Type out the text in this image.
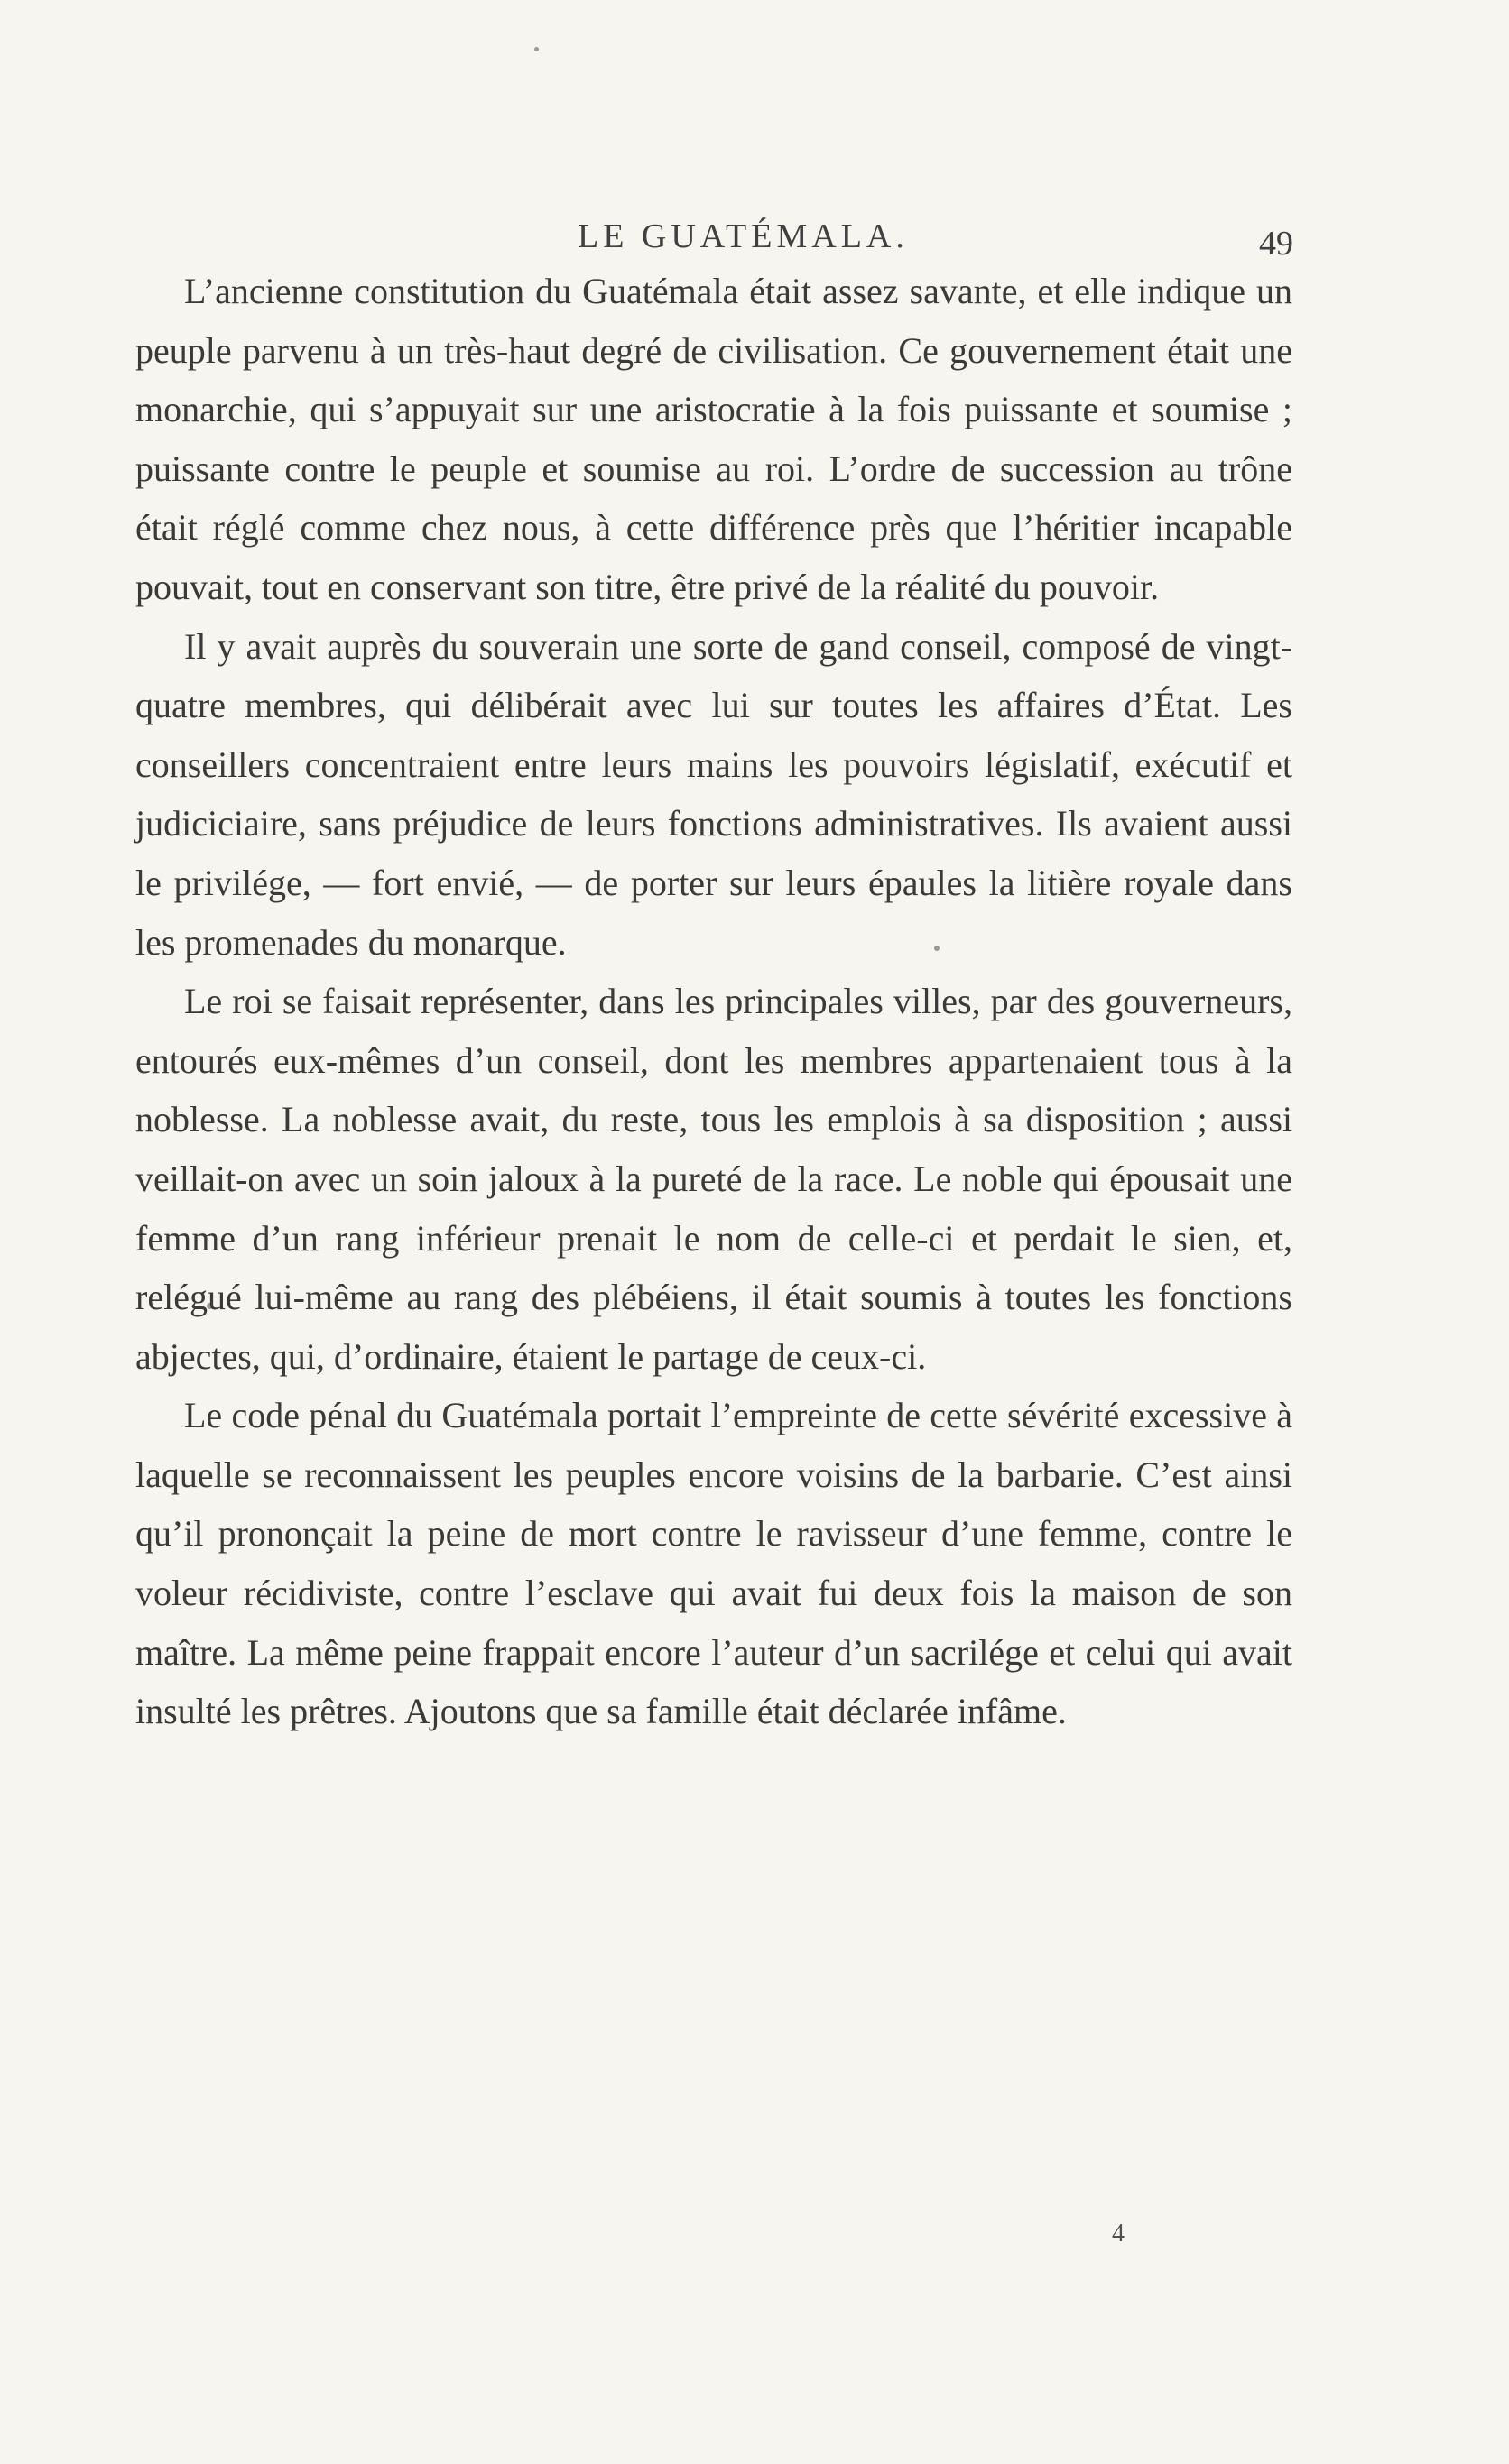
LE GUATÉMALA.	49

L’ancienne constitution du Guatémala était assez savante, et elle indique un peuple parvenu à un très-haut degré de civilisation. Ce gouvernement était une monarchie, qui s’appuyait sur une aristocratie à la fois puissante et soumise ; puissante contre le peuple et soumise au roi. L’ordre de succession au trône était réglé comme chez nous, à cette différence près que l’héritier incapable pouvait, tout en conservant son titre, être privé de la réalité du pouvoir.

Il y avait auprès du souverain une sorte de gand conseil, composé de vingt-quatre membres, qui délibérait avec lui sur toutes les affaires d’État. Les conseillers concentraient entre leurs mains les pouvoirs législatif, exécutif et judiciciaire, sans préjudice de leurs fonctions administratives. Ils avaient aussi le privilége, — fort envié, — de porter sur leurs épaules la litière royale dans les promenades du monarque.

Le roi se faisait représenter, dans les principales villes, par des gouverneurs, entourés eux-mêmes d’un conseil, dont les membres appartenaient tous à la noblesse. La noblesse avait, du reste, tous les emplois à sa disposition ; aussi veillait-on avec un soin jaloux à la pureté de la race. Le noble qui épousait une femme d’un rang inférieur prenait le nom de celle-ci et perdait le sien, et, relégué lui-même au rang des plébéiens, il était soumis à toutes les fonctions abjectes, qui, d’ordinaire, étaient le partage de ceux-ci.

Le code pénal du Guatémala portait l’empreinte de cette sévérité excessive à laquelle se reconnaissent les peuples encore voisins de la barbarie. C’est ainsi qu’il prononçait la peine de mort contre le ravisseur d’une femme, contre le voleur récidiviste, contre l’esclave qui avait fui deux fois la maison de son maître. La même peine frappait encore l’auteur d’un sacrilége et celui qui avait insulté les prêtres. Ajoutons que sa famille était déclarée infâme.

4
